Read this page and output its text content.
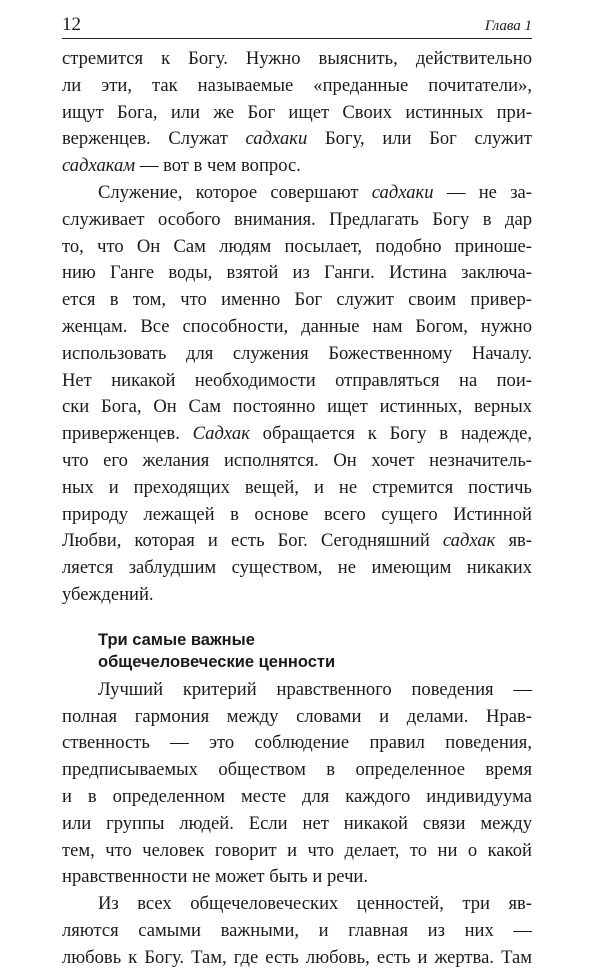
12	Глава 1
стремится к Богу. Нужно выяснить, действительно
ли эти, так называемые «преданные почитатели»,
ищут Бога, или же Бог ищет Своих истинных при-
верженцев. Служат садхаки Богу, или Бог служит
садхакам — вот в чем вопрос.
Служение, которое совершают садхаки — не за-
служивает особого внимания. Предлагать Богу в дар
то, что Он Сам людям посылает, подобно приноше-
нию Ганге воды, взятой из Ганги. Истина заключа-
ется в том, что именно Бог служит своим привер-
женцам. Все способности, данные нам Богом, нужно
использовать для служения Божественному Началу.
Нет никакой необходимости отправляться на пои-
ски Бога, Он Сам постоянно ищет истинных, верных
приверженцев. Садхак обращается к Богу в надежде,
что его желания исполнятся. Он хочет незначитель-
ных и преходящих вещей, и не стремится постичь
природу лежащей в основе всего сущего Истинной
Любви, которая и есть Бог. Сегодняшний садхак яв-
ляется заблудшим существом, не имеющим никаких
убеждений.
Три самые важные
общечеловеческие ценности
Лучший критерий нравственного поведения —
полная гармония между словами и делами. Нрав-
ственность — это соблюдение правил поведения,
предписываемых обществом в определенное время
и в определенном месте для каждого индивидуума
или группы людей. Если нет никакой связи между
тем, что человек говорит и что делает, то ни о какой
нравственности не может быть и речи.
Из всех общечеловеческих ценностей, три яв-
ляются самыми важными, и главная из них —
любовь к Богу. Там, где есть любовь, есть и жертва. Там
